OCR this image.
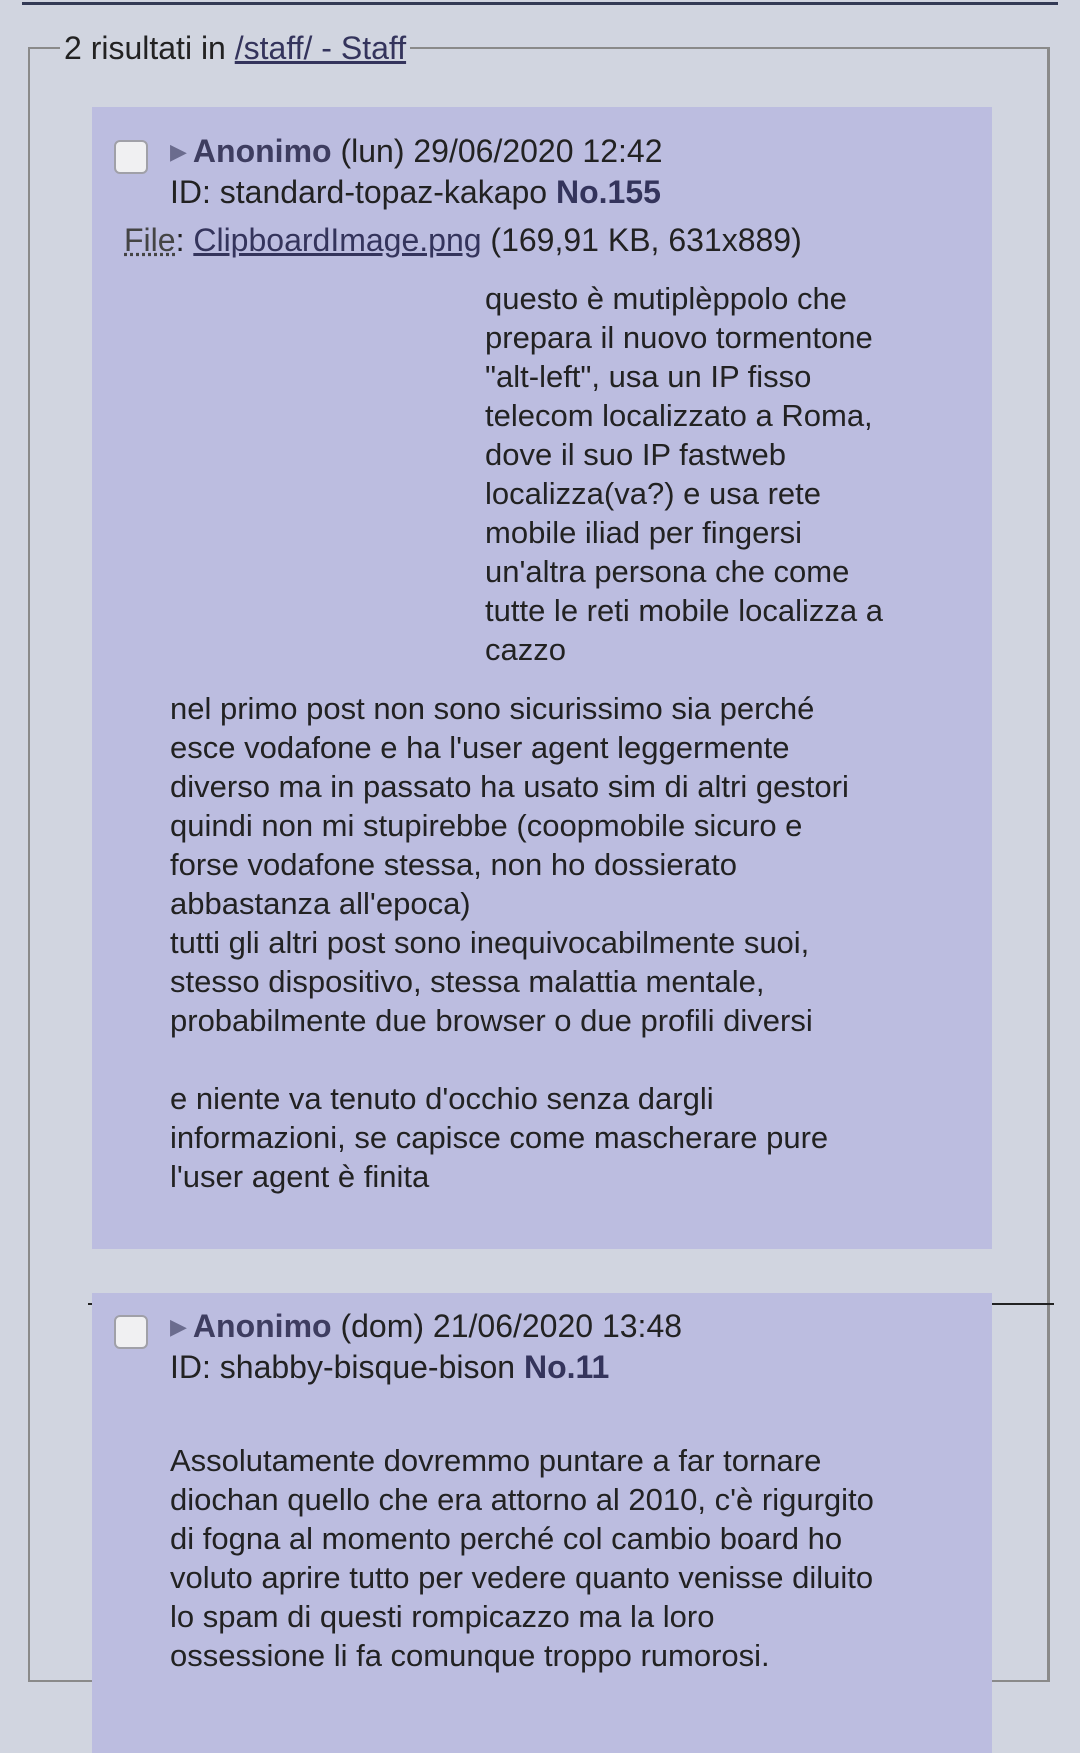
2 risultati in /staff/ - Staff
▶ Anonimo (lun) 29/06/2020 12:42
ID: standard-topaz-kakapo No.155
File: ClipboardImage.png (169,91 KB, 631x889)

questo è mutiplèppolo che
prepara il nuovo tormentone
"alt-left", usa un IP fisso
telecom localizzato a Roma,
dove il suo IP fastweb
localizza(va?) e usa rete
mobile iliad per fingersi
un'altra persona che come
tutte le reti mobile localizza a
cazzo

nel primo post non sono sicurissimo sia perché
esce vodafone e ha l'user agent leggermente
diverso ma in passato ha usato sim di altri gestori
quindi non mi stupirebbe (coopmobile sicuro e
forse vodafone stessa, non ho dossierato
abbastanza all'epoca)
tutti gli altri post sono inequivocabilmente suoi,
stesso dispositivo, stessa malattia mentale,
probabilmente due browser o due profili diversi

e niente va tenuto d'occhio senza dargli
informazioni, se capisce come mascherare pure
l'user agent è finita

▶ Anonimo (dom) 21/06/2020 13:48
ID: shabby-bisque-bison No.11

Assolutamente dovremmo puntare a far tornare
diochan quello che era attorno al 2010, c'è rigurgito
di fogna al momento perché col cambio board ho
voluto aprire tutto per vedere quanto venisse diluito
lo spam di questi rompicazzo ma la loro
ossessione li fa comunque troppo rumorosi.
